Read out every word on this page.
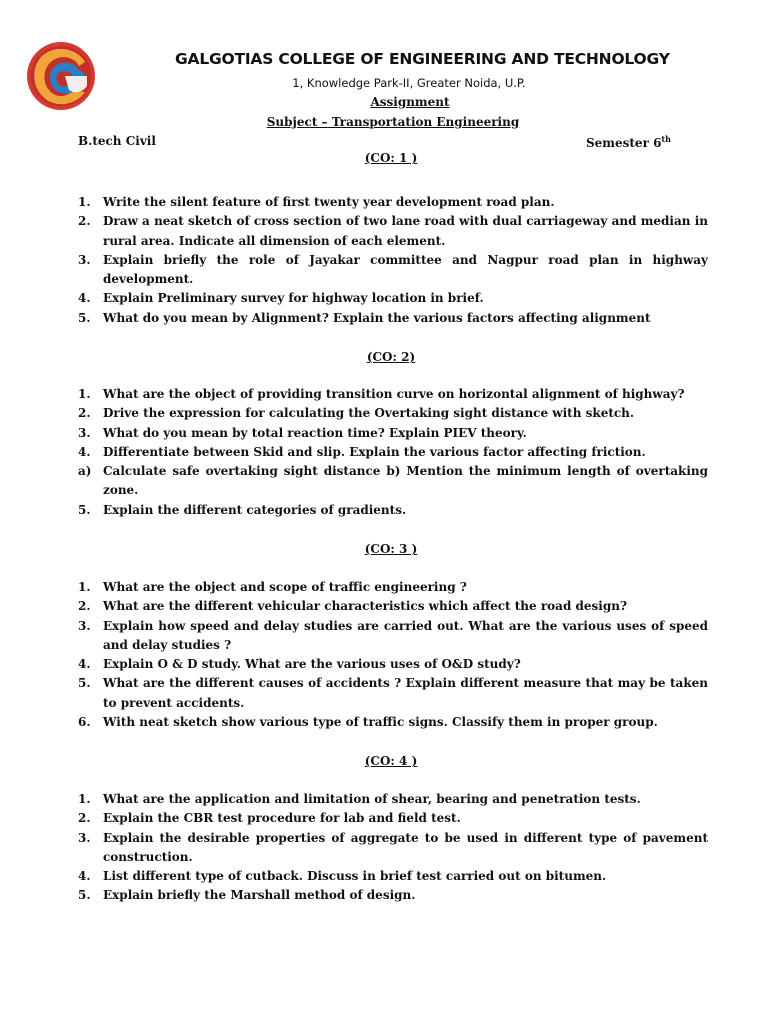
GALGOTIAS COLLEGE OF ENGINEERING AND TECHNOLOGY
1, Knowledge Park-II, Greater Noida, U.P.
Assignment
Subject – Transportation Engineering
B.tech Civil	Semester 6th
(CO: 1 )
1. Write the silent feature of first twenty year development road plan.
2. Draw a neat sketch of cross section of two lane road with dual carriageway and median in rural area. Indicate all dimension of each element.
3. Explain briefly the role of Jayakar committee and Nagpur road plan in highway development.
4. Explain Preliminary survey for highway location in brief.
5. What do you mean by Alignment? Explain the various factors affecting alignment
(CO: 2)
1. What are the object of providing transition curve on horizontal alignment of highway?
2. Drive the expression for calculating the Overtaking sight distance with sketch.
3. What do you mean by total reaction time? Explain PIEV theory.
4. Differentiate between Skid and slip. Explain the various factor affecting friction.
a) Calculate safe overtaking sight distance b) Mention the minimum length of overtaking zone.
5. Explain the different categories of gradients.
(CO: 3 )
1. What are the object and scope of traffic engineering ?
2. What are the different vehicular characteristics which affect the road design?
3. Explain how speed and delay studies are carried out. What are the various uses of speed and delay studies ?
4. Explain O & D study. What are the various uses of O&D study?
5. What are the different causes of accidents ? Explain different measure that may be taken to prevent accidents.
6. With neat sketch show various type of traffic signs. Classify them in proper group.
(CO: 4 )
1. What are the application and limitation of shear, bearing and penetration tests.
2. Explain the CBR test procedure for lab and field test.
3. Explain the desirable properties of aggregate to be used in different type of pavement construction.
4. List different type of cutback. Discuss in brief test carried out on bitumen.
5. Explain briefly the Marshall method of design.
